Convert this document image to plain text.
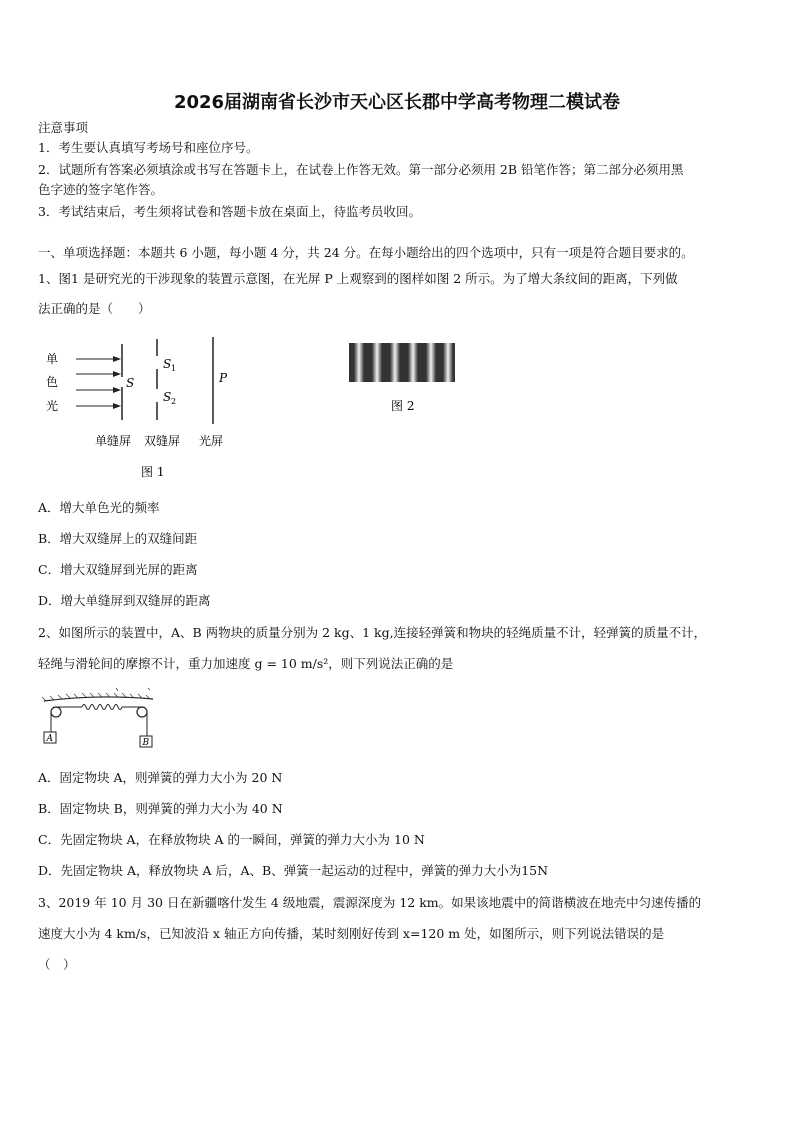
2026届湖南省长沙市天心区长郡中学高考物理二模试卷
注意事项
1．考生要认真填写考场号和座位序号。
2．试题所有答案必须填涂或书写在答题卡上，在试卷上作答无效。第一部分必须用 2B 铅笔作答；第二部分必须用黑
色字迹的签字笔作答。
3．考试结束后，考生须将试卷和答题卡放在桌面上，待监考员收回。
一、单项选择题：本题共 6 小题，每小题 4 分，共 24 分。在每小题给出的四个选项中，只有一项是符合题目要求的。
1、图1 是研究光的干涉现象的装置示意图，在光屏 P 上观察到的图样如图 2 所示。为了增大条纹间的距离，下列做
法正确的是（　　）
单
色
光
S
S 1
S 2
P
单缝屏 双缝屏 光屏
图 1
图 2
A．增大单色光的频率
B．增大双缝屏上的双缝间距
C．增大双缝屏到光屏的距离
D．增大单缝屏到双缝屏的距离
2、如图所示的装置中，A、B 两物块的质量分别为 2 kg、1 kg,连接轻弹簧和物块的轻绳质量不计，轻弹簧的质量不计，
轻绳与滑轮间的摩擦不计，重力加速度 g = 10 m/s²，则下列说法正确的是
A	B
A．固定物块 A，则弹簧的弹力大小为 20 N
B．固定物块 B，则弹簧的弹力大小为 40 N
C．先固定物块 A，在释放物块 A 的一瞬间，弹簧的弹力大小为 10 N
D．先固定物块 A，释放物块 A 后，A、B、弹簧一起运动的过程中，弹簧的弹力大小为15N
3、2019 年 10 月 30 日在新疆喀什发生 4 级地震，震源深度为 12 km。如果该地震中的简谐横波在地壳中匀速传播的
速度大小为 4 km/s，已知波沿 x 轴正方向传播，某时刻刚好传到 x=120 m 处，如图所示，则下列说法错误的是
（　）
